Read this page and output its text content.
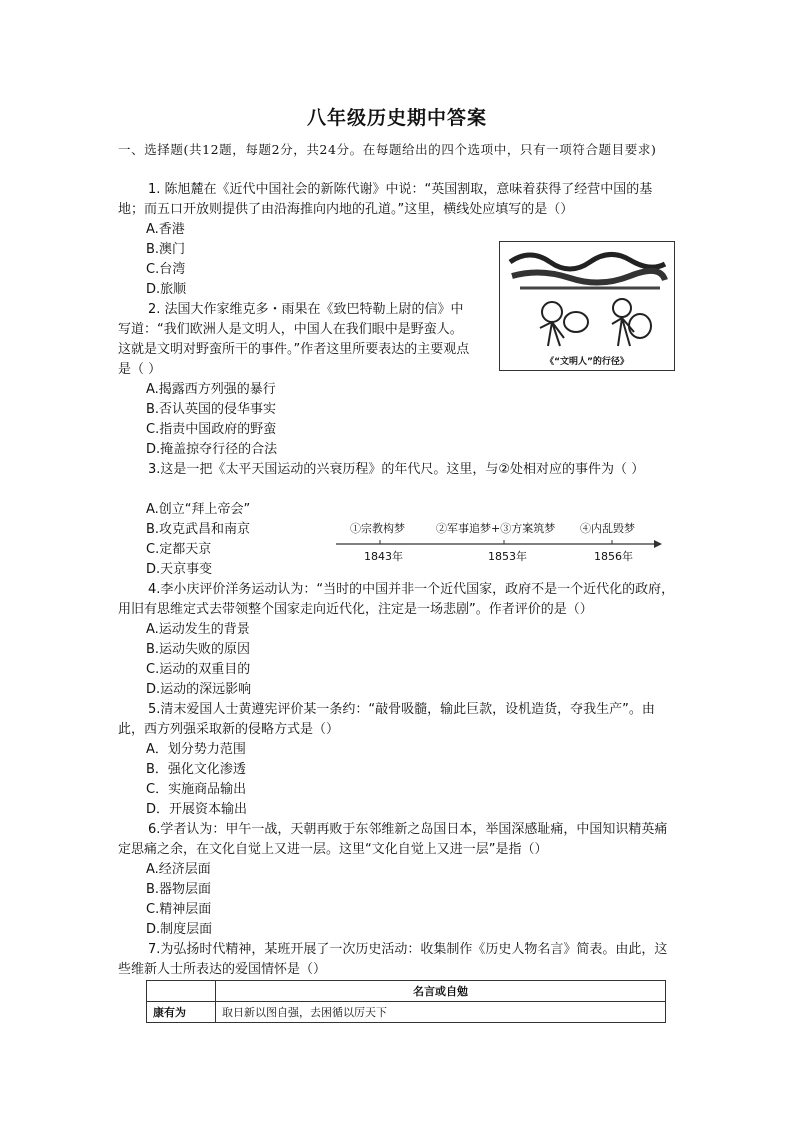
八年级历史期中答案
一、选择题(共12题，每题2分，共24分。在每题给出的四个选项中，只有一项符合题目要求)
1. 陈旭麓在《近代中国社会的新陈代谢》中说：“英国割取，意味着获得了经营中国的基地；而五口开放则提供了由沿海推向内地的孔道。”这里，横线处应填写的是（）
A.香港
B.澳门
C.台湾
D.旅顺
2. 法国大作家维克多・雨果在《致巴特勒上尉的信》中写道：“我们欧洲人是文明人，中国人在我们眼中是野蛮人。这就是文明对野蛮所干的事件。”作者这里所要表达的主要观点是（ ）
A.揭露西方列强的暴行
B.否认英国的侵华事实
C.指责中国政府的野蛮
D.掩盖掠夺行径的合法
《“文明人”的行径》
3.这是一把《太平天国运动的兴衰历程》的年代尺。这里，与②处相对应的事件为（ ）
A.创立“拜上帝会”
B.攻克武昌和南京
C.定都天京
D.天京事变
①宗教构梦	②军事追梦+③方案筑梦 ④内乱毁梦
1843年	1853年	1856年
4.李小庆评价洋务运动认为：“当时的中国并非一个近代国家，政府不是一个近代化的政府，用旧有思维定式去带领整个国家走向近代化，注定是一场悲剧”。作者评价的是（）
A.运动发生的背景
B.运动失败的原因
C.运动的双重目的
D.运动的深远影响
5.清末爱国人士黄遵宪评价某一条约：“敲骨吸髓，输此巨款，设机造货，夺我生产”。由此，西方列强采取新的侵略方式是（）
A．划分势力范围
B．强化文化渗透
C．实施商品输出
D．开展资本输出
6.学者认为：甲午一战，天朝再败于东邻维新之岛国日本，举国深感耻痛，中国知识精英痛定思痛之余，在文化自觉上又进一层。这里“文化自觉上又进一层”是指（）
A.经济层面
B.器物层面
C.精神层面
D.制度层面
7.为弘扬时代精神，某班开展了一次历史活动：收集制作《历史人物名言》简表。由此，这些维新人士所表达的爱国情怀是（）
	名言或自勉
康有为	取日新以图自强，去困循以厉天下
